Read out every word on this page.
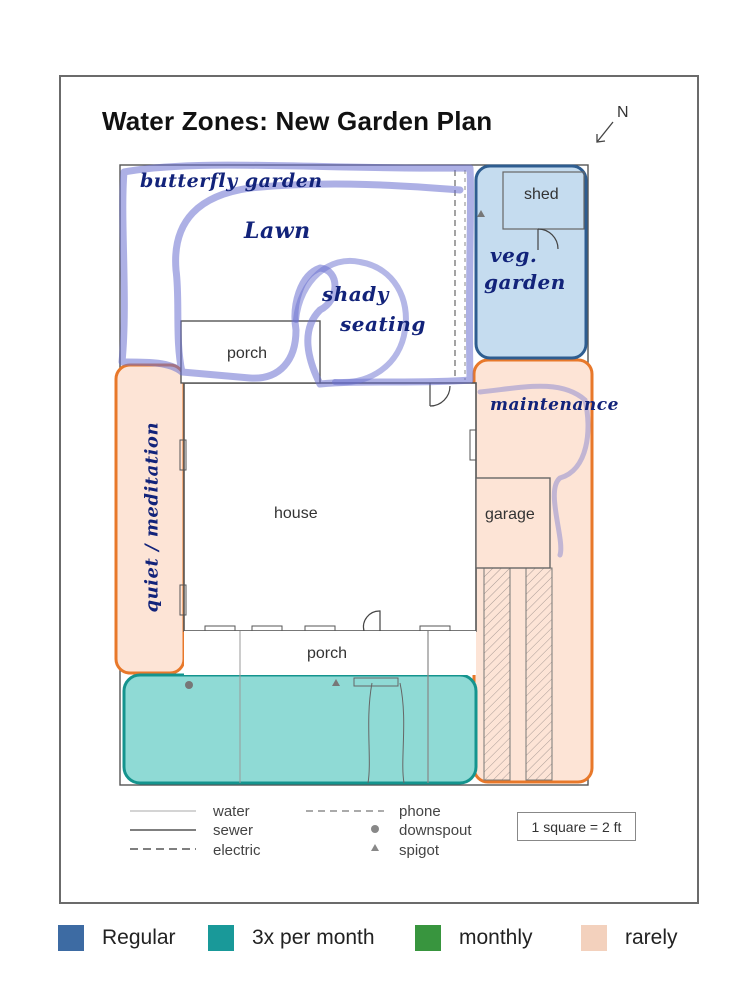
Water Zones: New Garden Plan	N
shed
porch
house	garage
porch
butterfly garden
Lawn
shady
seating
veg.
garden
maintenance
quiet / meditation
water
sewer
electric
phone
downspout
spigot
1 square = 2 ft
Regular	3x per month	monthly	rarely
